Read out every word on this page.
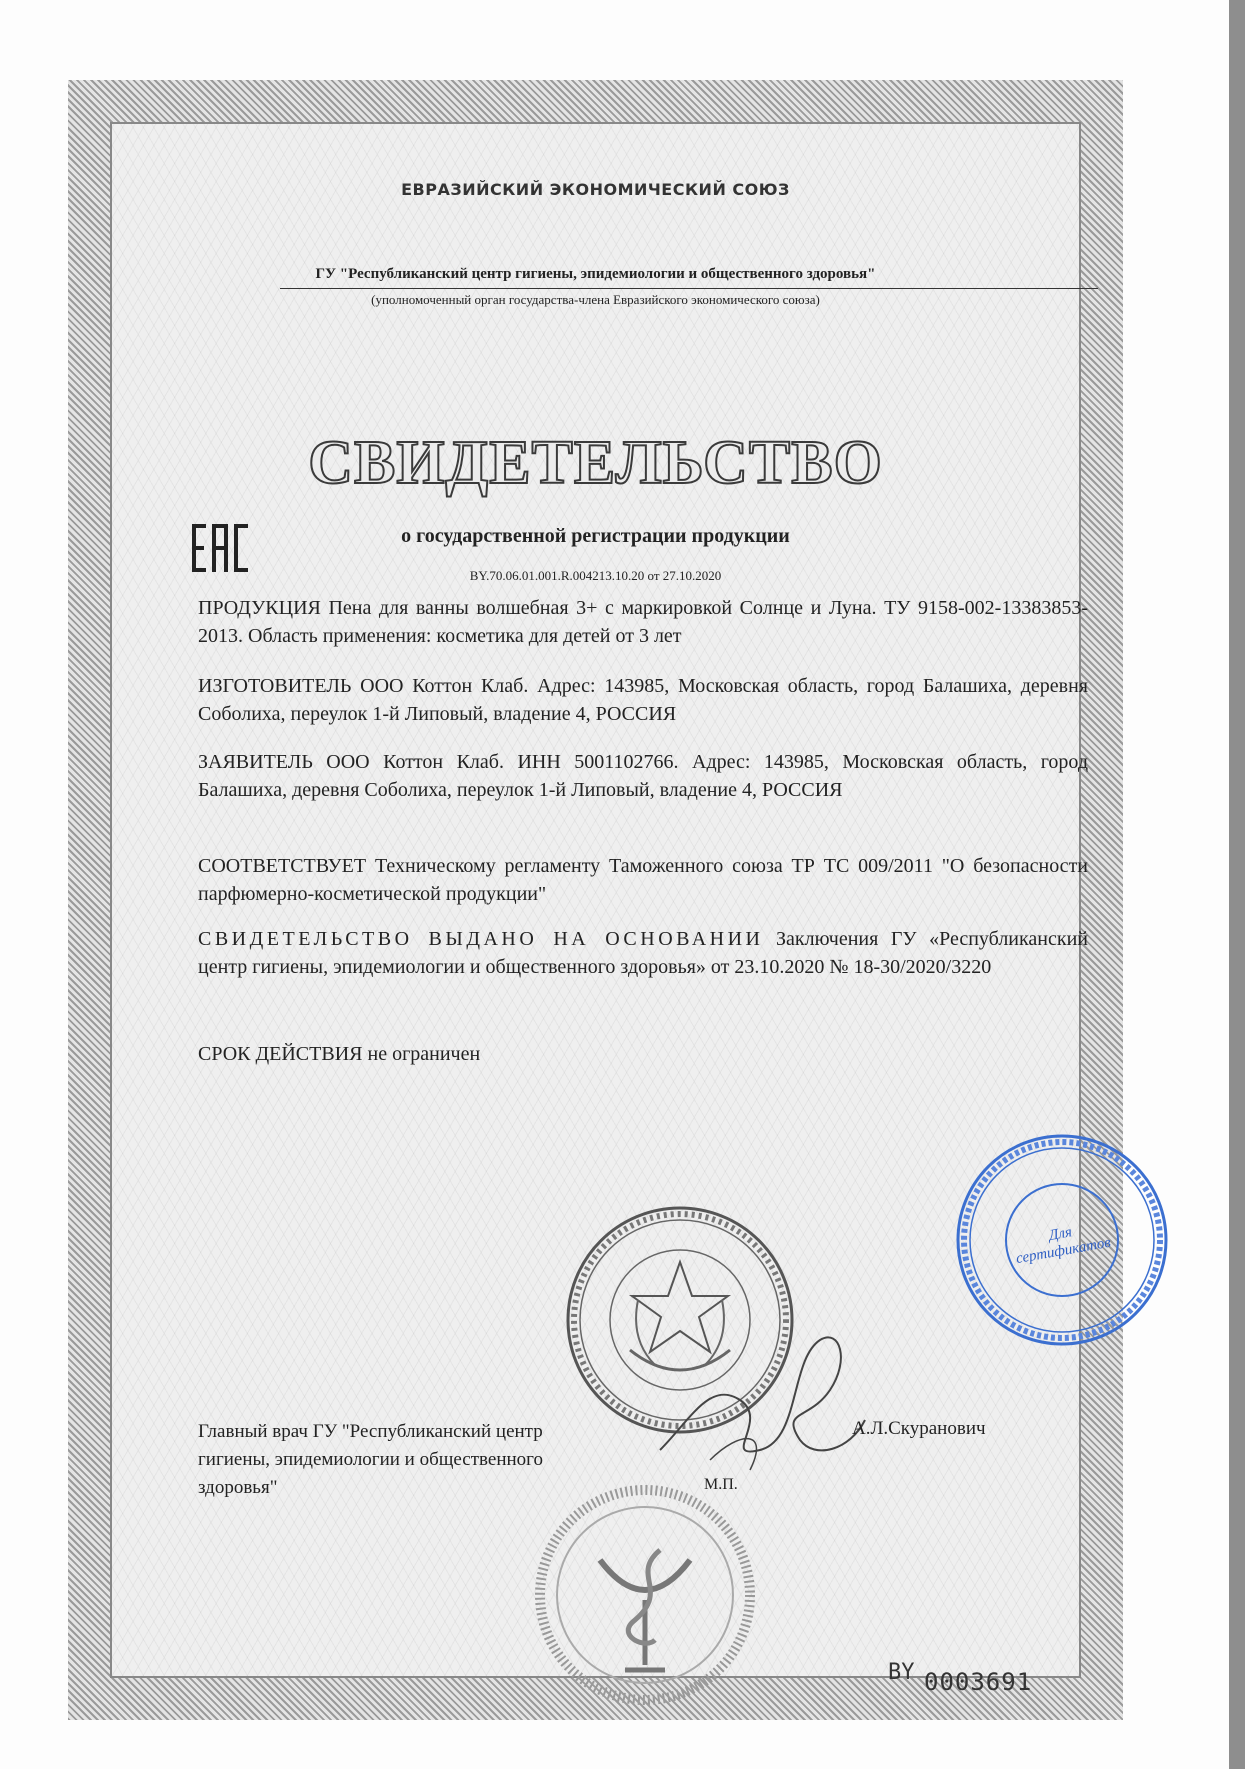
ЕВРАЗИЙСКИЙ ЭКОНОМИЧЕСКИЙ СОЮЗ
ГУ "Республиканский центр гигиены, эпидемиологии и общественного здоровья"
(уполномоченный орган государства-члена Евразийского экономического союза)
СВИДЕТЕЛЬСТВО
о государственной регистрации продукции
BY.70.06.01.001.R.004213.10.20 от 27.10.2020
ПРОДУКЦИЯ Пена для ванны волшебная 3+ с маркировкой Солнце и Луна. ТУ 9158-002-13383853-2013. Область применения: косметика для детей от 3 лет
ИЗГОТОВИТЕЛЬ ООО Коттон Клаб. Адрес: 143985, Московская область, город Балашиха, деревня Соболиха, переулок 1-й Липовый, владение 4, РОССИЯ
ЗАЯВИТЕЛЬ ООО Коттон Клаб. ИНН 5001102766. Адрес: 143985, Московская область, город Балашиха, деревня Соболиха, переулок 1-й Липовый, владение 4, РОССИЯ
СООТВЕТСТВУЕТ Техническому регламенту Таможенного союза ТР ТС 009/2011 "О безопасности парфюмерно-косметической продукции"
СВИДЕТЕЛЬСТВО ВЫДАНО НА ОСНОВАНИИ Заключения ГУ «Республиканский центр гигиены, эпидемиологии и общественного здоровья» от 23.10.2020 № 18-30/2020/3220
СРОК ДЕЙСТВИЯ не ограничен
Для сертификатов
Главный врач ГУ "Республиканский центр гигиены, эпидемиологии и общественного здоровья"
А.Л.Скуранович
М.П.
BY 0003691
